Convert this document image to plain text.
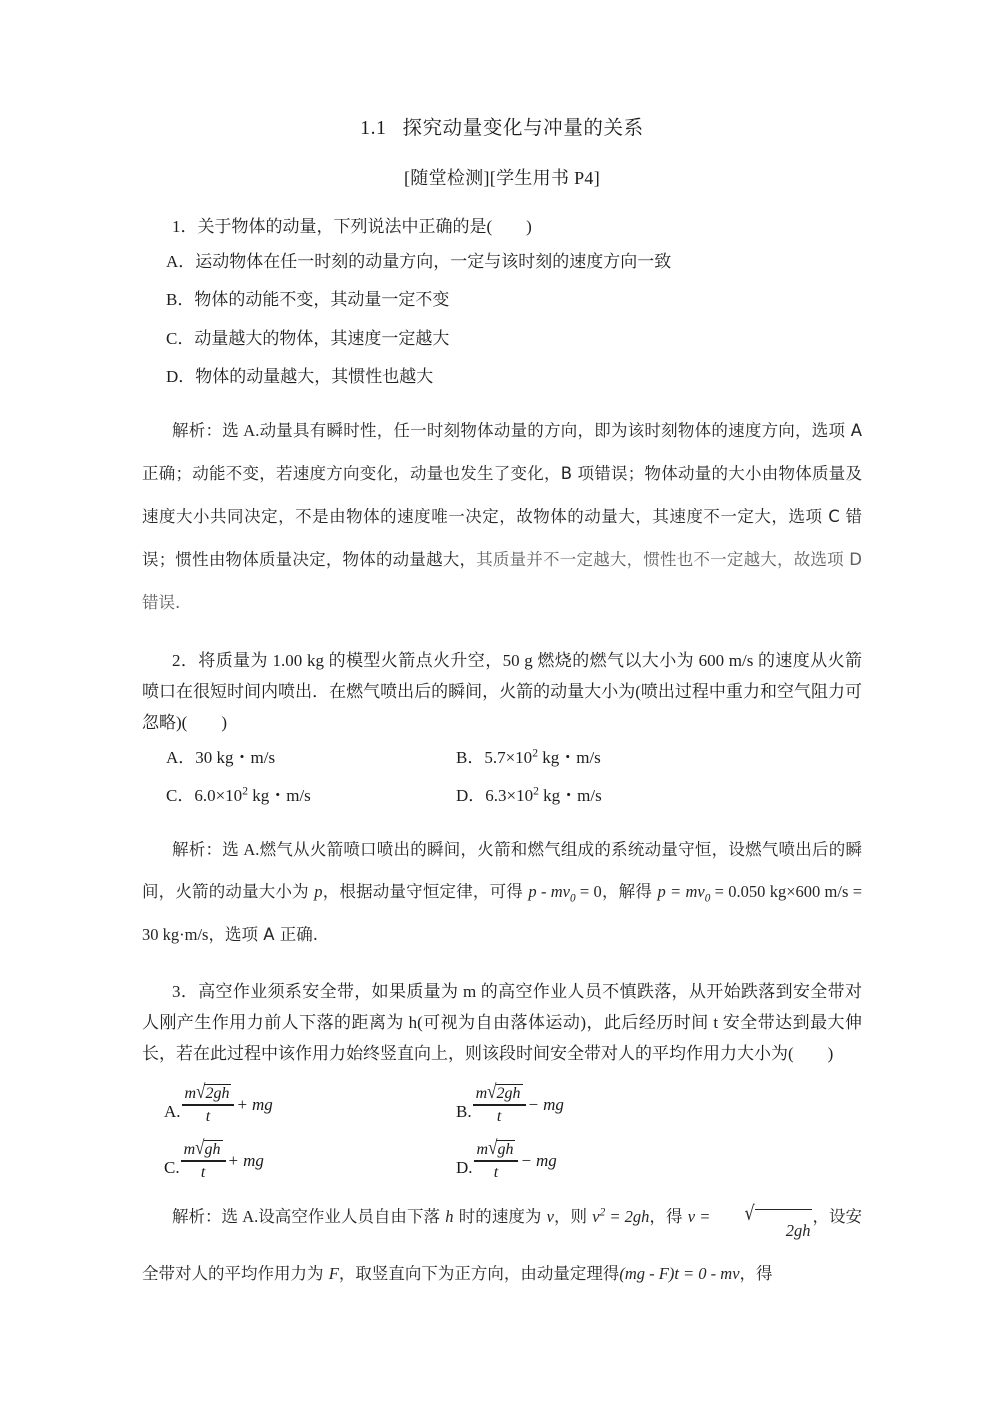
1.1 探究动量变化与冲量的关系
[随堂检测][学生用书 P4]
1．关于物体的动量，下列说法中正确的是(　　)
A．运动物体在任一时刻的动量方向，一定与该时刻的速度方向一致
B．物体的动能不变，其动量一定不变
C．动量越大的物体，其速度一定越大
D．物体的动量越大，其惯性也越大
解析：选 A.动量具有瞬时性，任一时刻物体动量的方向，即为该时刻物体的速度方向，选项 A 正确；动能不变，若速度方向变化，动量也发生了变化，B 项错误；物体动量的大小由物体质量及速度大小共同决定，不是由物体的速度唯一决定，故物体的动量大，其速度不一定大，选项 C 错误；惯性由物体质量决定，物体的动量越大，其质量并不一定越大，惯性也不一定越大，故选项 D 错误.
2．将质量为 1.00 kg 的模型火箭点火升空，50 g 燃烧的燃气以大小为 600 m/s 的速度从火箭喷口在很短时间内喷出．在燃气喷出后的瞬间，火箭的动量大小为(喷出过程中重力和空气阻力可忽略)(　　)
A．30 kg・m/s	B．$5.7\times 10^2$ kg・m/s
C．$6.0\times 10^2$ kg・m/s	D．$6.3\times 10^2$ kg・m/s
解析：选 A.燃气从火箭喷口喷出的瞬间，火箭和燃气组成的系统动量守恒，设燃气喷出后的瞬间，火箭的动量大小为 p，根据动量守恒定律，可得 $p - mv_0 = 0$，解得 $p = mv_0 = 0.050$ kg×600 m/s = 30 kg·m/s，选项 A 正确.
3．高空作业须系安全带，如果质量为 m 的高空作业人员不慎跌落，从开始跌落到安全带对人刚产生作用力前人下落的距离为 h(可视为自由落体运动)，此后经历时间 t 安全带达到最大伸长，若在此过程中该作用力始终竖直向上，则该段时间安全带对人的平均作用力大小为(　　)
A. $\frac{m √ 2gh}{t}$ + mg	B. $\frac{m √ 2gh}{t}$ − mg
C. $\frac{m √ gh}{t}$ + mg	D. $\frac{m √ gh}{t}$ − mg
解析：选 A.设高空作业人员自由下落 h 时的速度为 v，则 $v^2 = 2gh$，得 v =	√
2gh
，设安全带对人的平均作用力为 F，取竖直向下为正方向，由动量定理得(mg - F)t = 0 - mv，得
